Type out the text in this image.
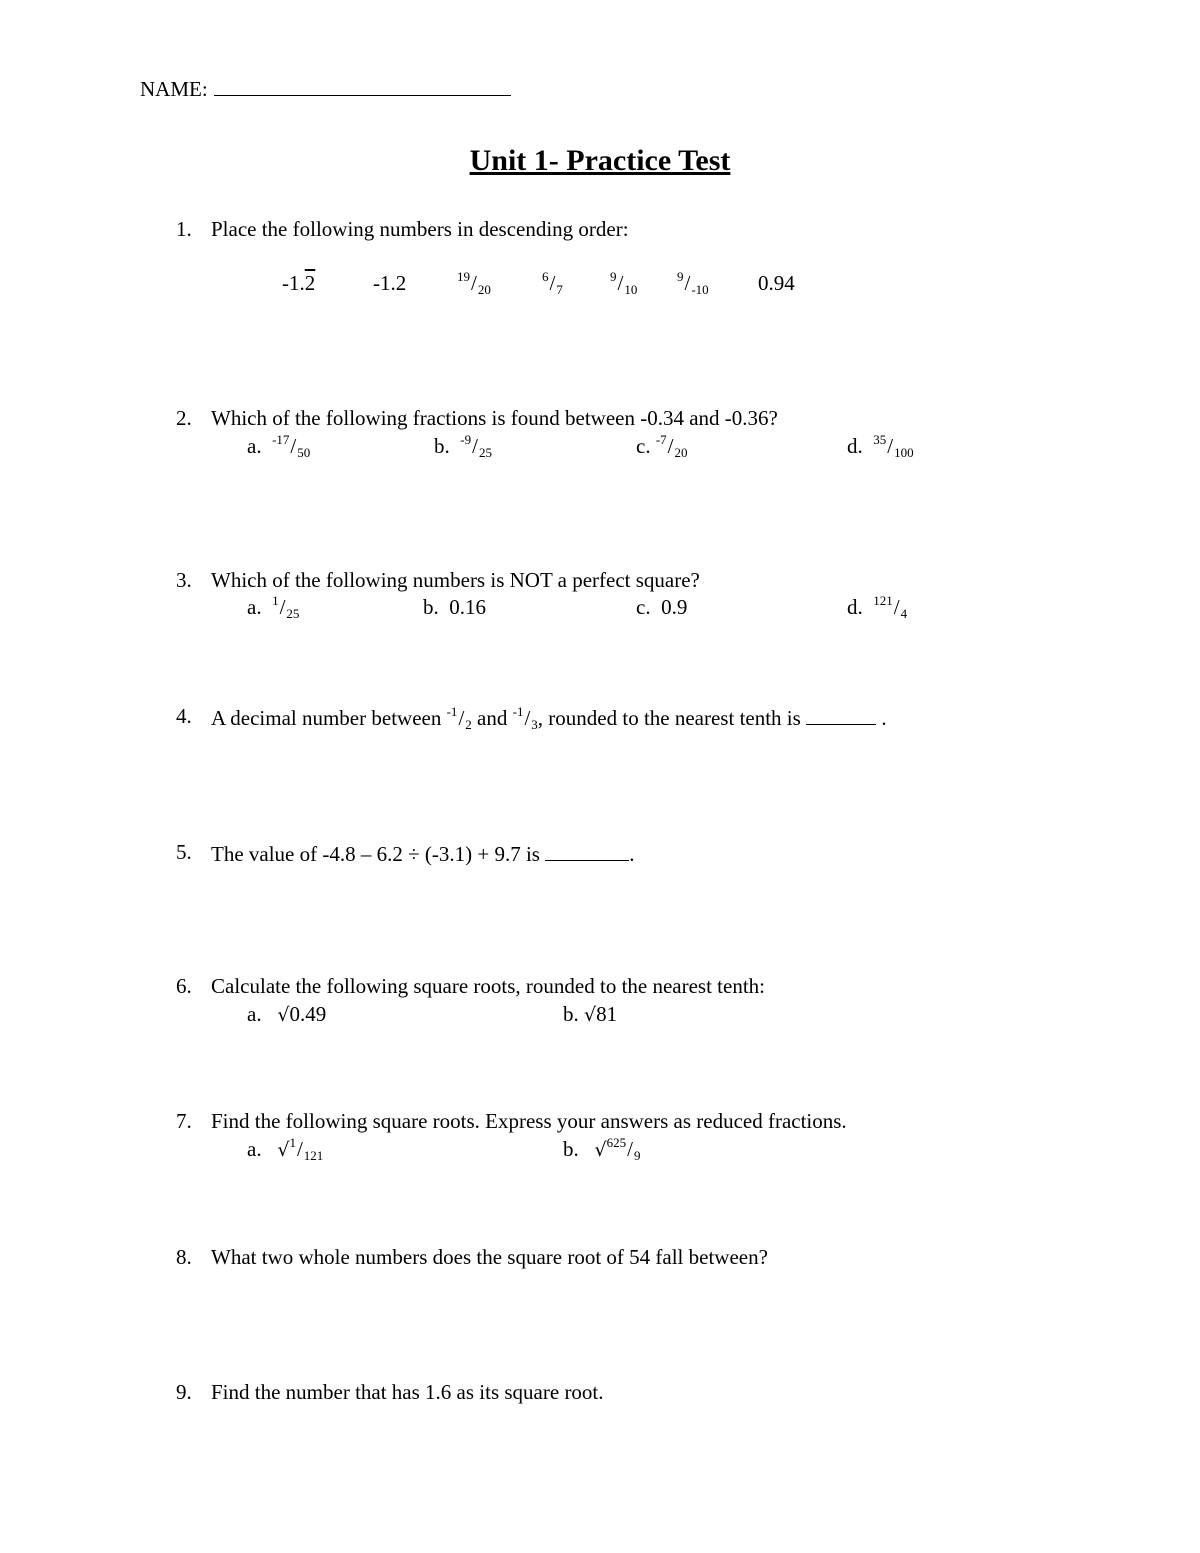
NAME:
Unit 1- Practice Test
1. Place the following numbers in descending order:
-1.2	-1.2	$^{19}/_{20}$
$^6/_7$
$^9/_{10}$
$^9/_{-10}$ 0.94
2. Which of the following fractions is found between -0.34 and -0.36?
a. $^{-17}/_{50}$	b. $^{-9}/_{25}$	c. $^{-7}/_{20}$	d. $^{35}/_{100}$
3. Which of the following numbers is NOT a perfect square?
a. $^1/_{25}$	b. 0.16	c. 0.9	d. $^{121}/_4$
4. A decimal number between $^{-1}/_2$ and $^{-1}/_3$, rounded to the nearest tenth is	.
5. The value of -4.8 – 6.2 ÷ (-3.1) + 9.7 is	.
6. Calculate the following square roots, rounded to the nearest tenth:
a. √0.49	b. √81
7. Find the following square roots. Express your answers as reduced fractions.
a. $√^1/_{121}$	b. $√^{625}/_9$
8. What two whole numbers does the square root of 54 fall between?
9. Find the number that has 1.6 as its square root.
